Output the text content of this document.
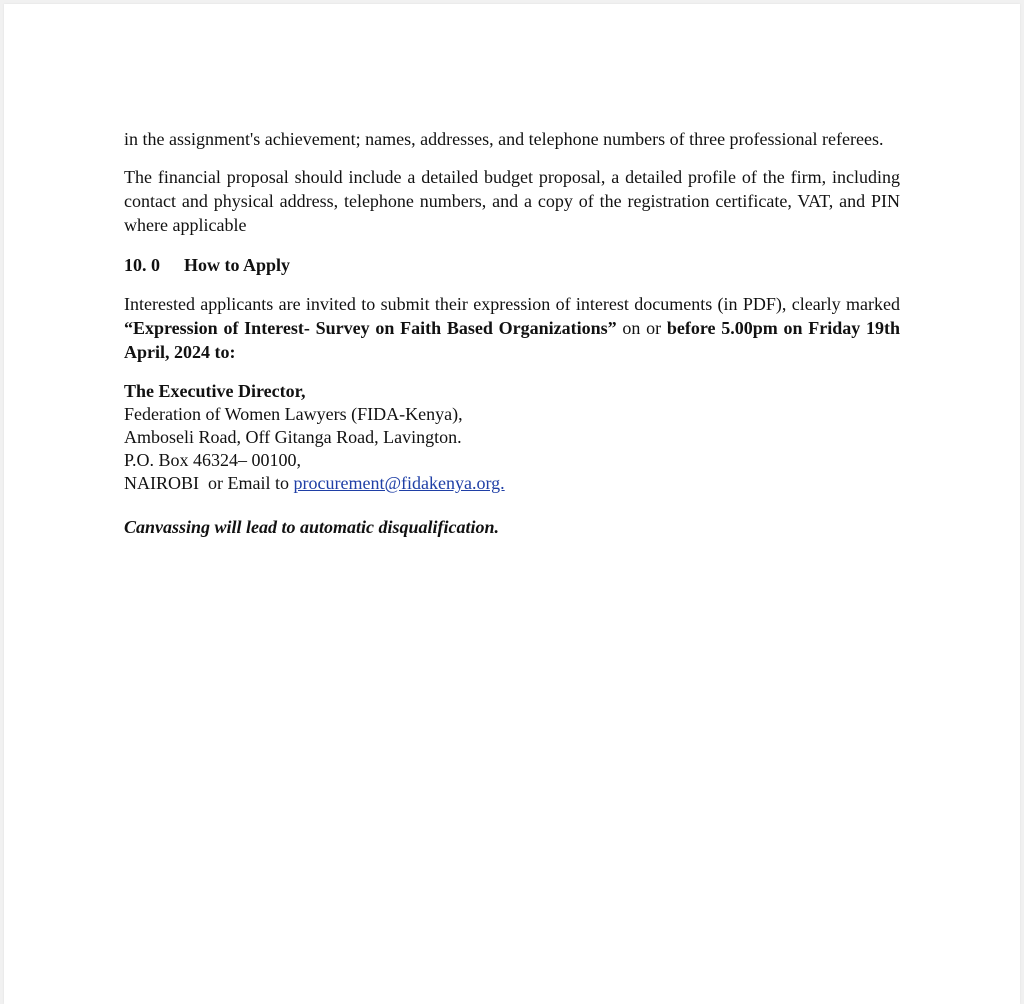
in the assignment's achievement; names, addresses, and telephone numbers of three professional referees.

The financial proposal should include a detailed budget proposal, a detailed profile of the firm, including contact and physical address, telephone numbers, and a copy of the registration certificate, VAT, and PIN where applicable

10. 0 How to Apply

Interested applicants are invited to submit their expression of interest documents (in PDF), clearly marked “Expression of Interest- Survey on Faith Based Organizations” on or before 5.00pm on Friday 19th April, 2024 to:

The Executive Director,
Federation of Women Lawyers (FIDA-Kenya),
Amboseli Road, Off Gitanga Road, Lavington.
P.O. Box 46324– 00100,
NAIROBI  or Email to procurement@fidakenya.org.

Canvassing will lead to automatic disqualification.
